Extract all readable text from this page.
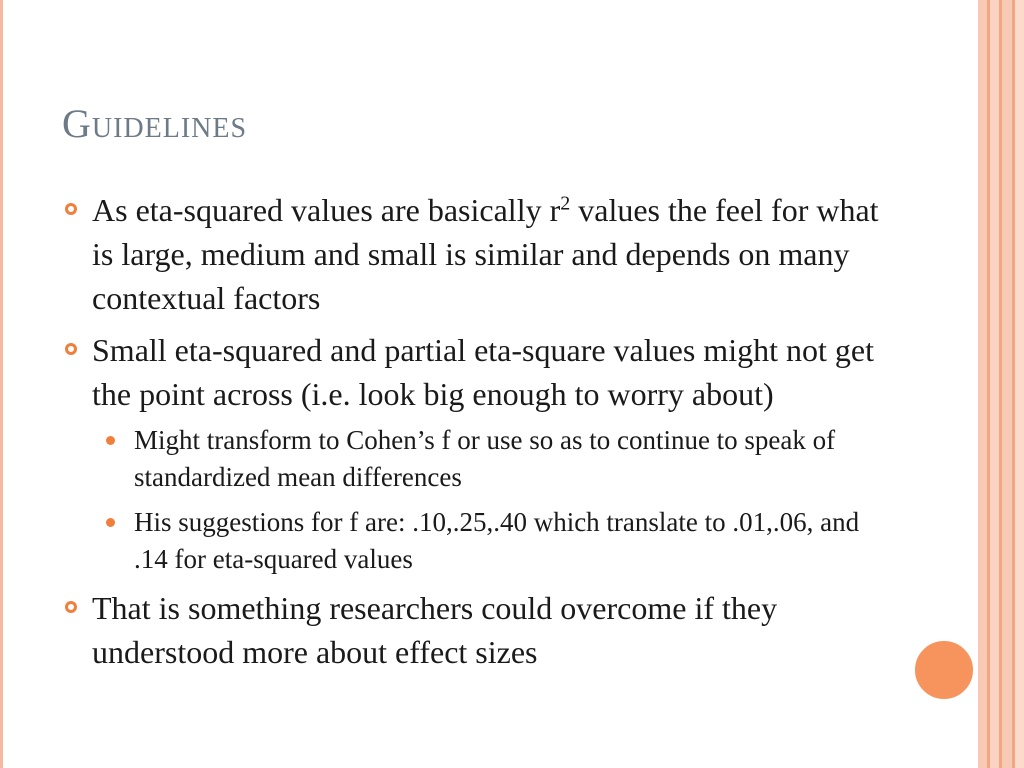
Guidelines
As eta-squared values are basically $r^2$ values the feel for what is large, medium and small is similar and depends on many contextual factors
Small eta-squared and partial eta-square values might not get the point across (i.e. look big enough to worry about)
Might transform to Cohen’s f or use so as to continue to speak of standardized mean differences
His suggestions for f are: .10,.25,.40 which translate to .01,.06, and .14 for eta-squared values
That is something researchers could overcome if they understood more about effect sizes
